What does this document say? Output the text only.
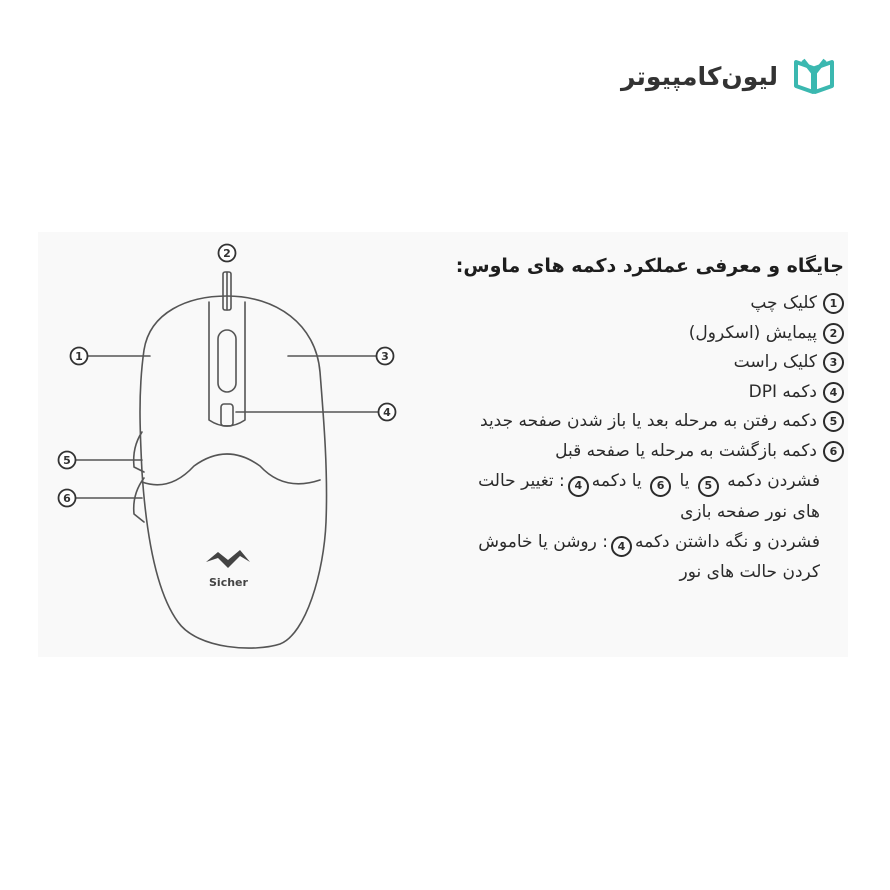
لیون‌کامپیوتر
Sicher
2
1	3
4
5
6
جایگاه و معرفی عملکرد دکمه های ماوس:
1
کلیک چپ
2
پیمایش (اسکرول)
3
کلیک راست
4
دکمه DPI
5
دکمه رفتن به مرحله بعد یا باز شدن صفحه جدید
6
دکمه بازگشت به مرحله یا صفحه قبل
فشردن دکمه 5 یا 6 یا دکمه4: تغییر حالت
های نور صفحه بازی
فشردن و نگه داشتن دکمه4: روشن یا خاموش
کردن حالت های نور
